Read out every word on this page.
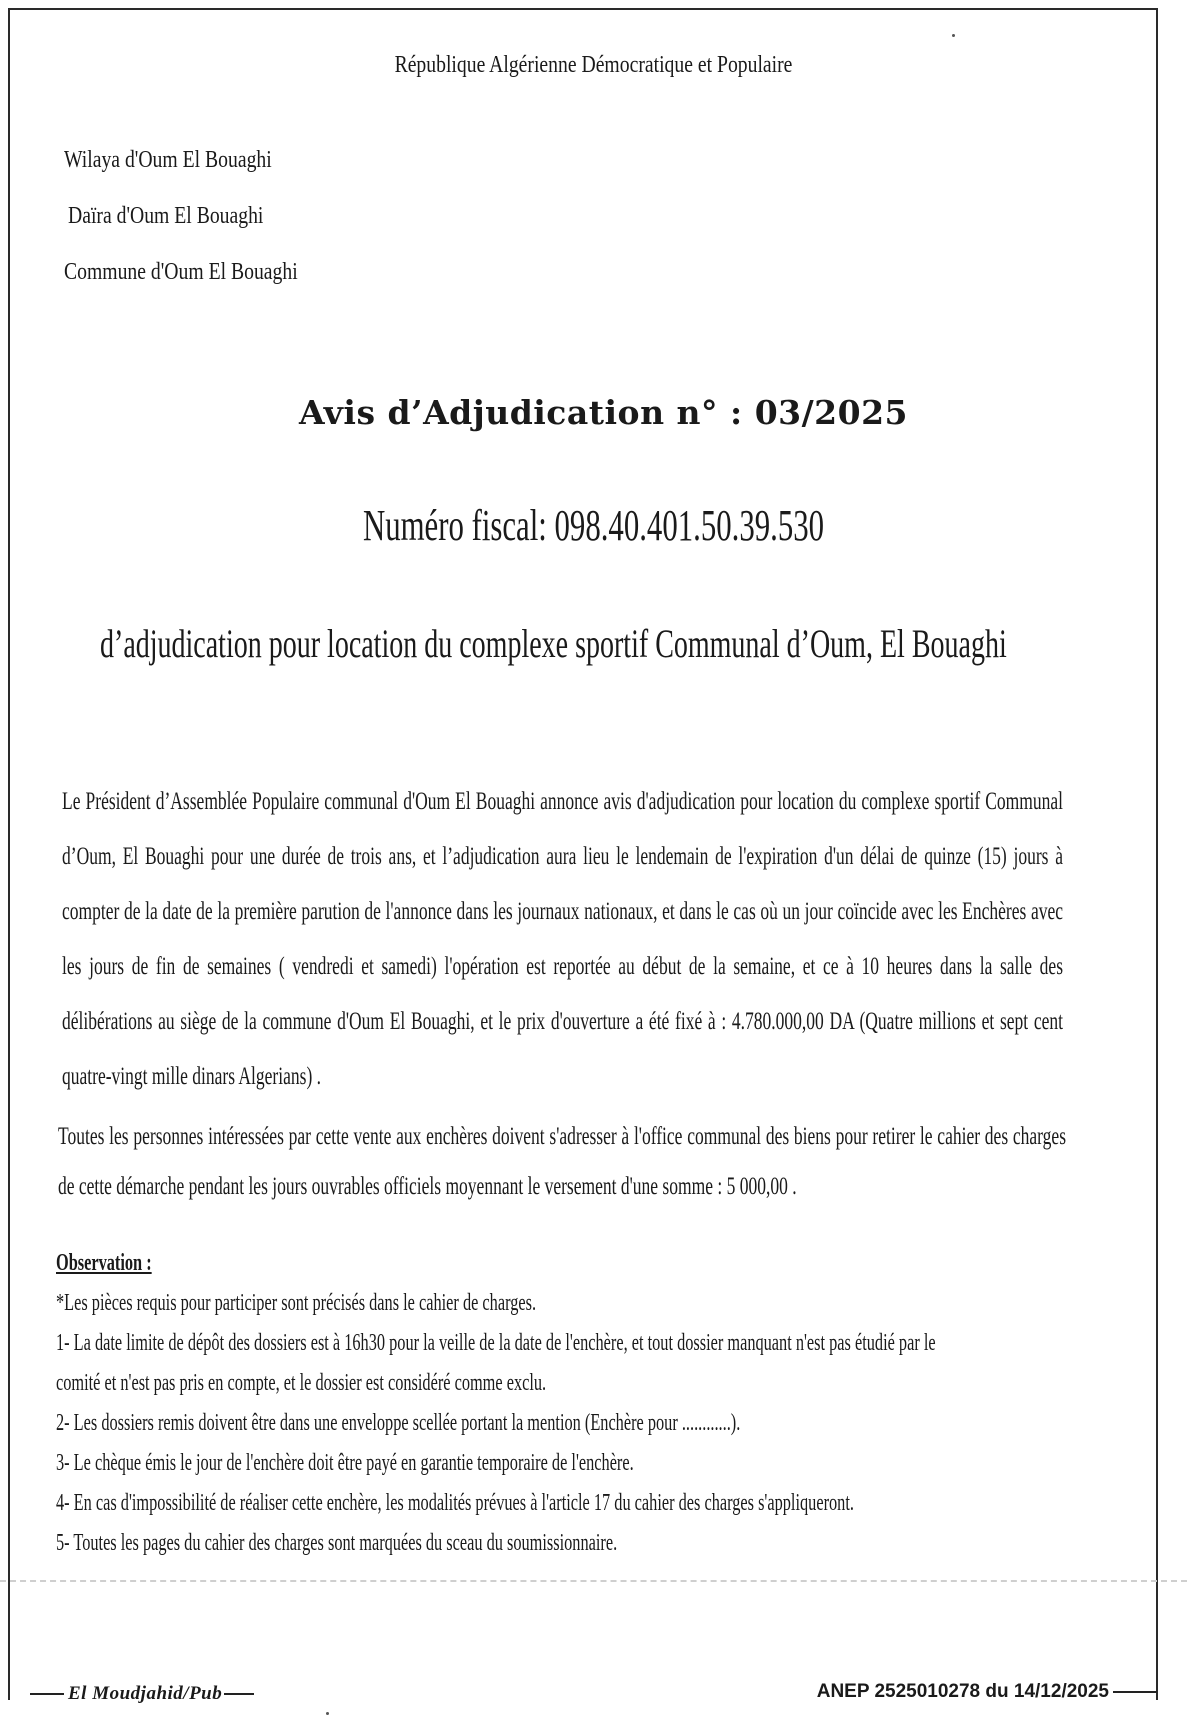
République Algérienne Démocratique et Populaire
Wilaya d'Oum El Bouaghi
Daïra d'Oum El Bouaghi
Commune d'Oum El Bouaghi
Avis d’Adjudication n° : 03/2025
Numéro fiscal: 098.40.401.50.39.530
d’adjudication pour location du complexe sportif Communal d’Oum, El Bouaghi
Le Président d’Assemblée Populaire communal d'Oum El Bouaghi annonce avis d'adjudication pour location du complexe sportif Communal d’Oum, El Bouaghi pour une durée de trois ans, et l’adjudication aura lieu le lendemain de l'expiration d'un délai de quinze (15) jours à compter de la date de la première parution de l'annonce dans les journaux nationaux, et dans le cas où un jour coïncide avec les Enchères avec les jours de fin de semaines ( vendredi et samedi) l'opération est reportée au début de la semaine, et ce à 10 heures dans la salle des délibérations au siège de la commune d'Oum El Bouaghi, et le prix d'ouverture a été fixé à : 4.780.000,00 DA (Quatre millions et sept cent quatre-vingt mille dinars Algerians) .
Toutes les personnes intéressées par cette vente aux enchères doivent s'adresser à l'office communal des biens pour retirer le cahier des charges de cette démarche pendant les jours ouvrables officiels moyennant le versement d'une somme : 5 000,00 .
Observation :
*Les pièces requis pour participer sont précisés dans le cahier de charges.
1- La date limite de dépôt des dossiers est à 16h30 pour la veille de la date de l'enchère, et tout dossier manquant n'est pas étudié par le
comité et n'est pas pris en compte, et le dossier est considéré comme exclu.
2- Les dossiers remis doivent être dans une enveloppe scellée portant la mention (Enchère pour ............).
3- Le chèque émis le jour de l'enchère doit être payé en garantie temporaire de l'enchère.
4- En cas d'impossibilité de réaliser cette enchère, les modalités prévues à l'article 17 du cahier des charges s'appliqueront.
5- Toutes les pages du cahier des charges sont marquées du sceau du soumissionnaire.
El Moudjahid/Pub	ANEP 2525010278 du 14/12/2025
